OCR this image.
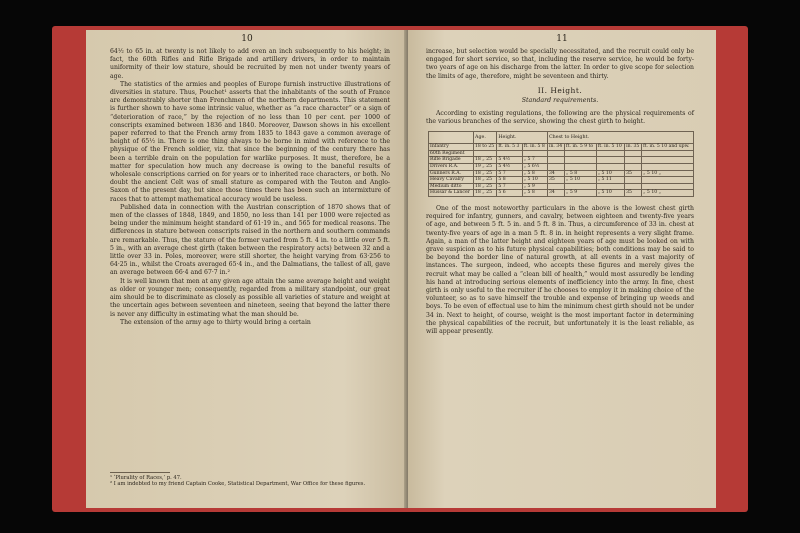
10

64½ to 65 in. at twenty is not likely to add even an inch subsequently to his height; in fact, the 60th Rifles and Rifle Brigade and artillery drivers, in order to maintain uniformity of their low stature, should be recruited by men not under twenty years of age.

The statistics of the armies and peoples of Europe furnish instructive illustrations of diversities in stature. Thus, Pouchet¹ asserts that the inhabitants of the south of France are demonstrably shorter than Frenchmen of the northern departments. This statement is further shown to have some intrinsic value, whether as “a race character” or a sign of “deterioration of race,” by the rejection of no less than 10 per cent. per 1000 of conscripts examined between 1836 and 1840. Moreover, Dawson shows in his excellent paper referred to that the French army from 1835 to 1843 gave a common average of height of 65½ in. There is one thing always to be borne in mind with reference to the physique of the French soldier, viz. that since the beginning of the century there has been a terrible drain on the population for warlike purposes. It must, therefore, be a matter for speculation how much any decrease is owing to the baneful results of wholesale conscriptions carried on for years or to inherited race characters, or both. No doubt the ancient Celt was of small stature as compared with the Teuton and Anglo-Saxon of the present day, but since those times there has been such an intermixture of races that to attempt mathematical accuracy would be useless.

Published data in connection with the Austrian conscription of 1870 shows that of men of the classes of 1848, 1849, and 1850, no less than 141 per 1000 were rejected as being under the minimum height standard of 61·19 in., and 565 for medical reasons. The differences in stature between conscripts raised in the northern and southern commands are remarkable. Thus, the stature of the former varied from 5 ft. 4 in. to a little over 5 ft. 5 in., with an average chest girth (taken between the respiratory acts) between 32 and a little over 33 in. Poles, moreover, were still shorter, the height varying from 63·256 to 64·25 in., whilst the Croats averaged 65·4 in., and the Dalmatians, the tallest of all, gave an average between 66·4 and 67·7 in.²

It is well known that men at any given age attain the same average height and weight as older or younger men; consequently, regarded from a military standpoint, our great aim should be to discriminate as closely as possible all varieties of stature and weight at the uncertain ages between seventeen and nineteen, seeing that beyond the latter there is never any difficulty in estimating what the man should be.

The extension of the army age to thirty would bring a certain

¹ ‘Plurality of Races,’ p. 47.
² I am indebted to my friend Captain Cooke, Statistical Department, War Office for these figures.
11

increase, but selection would be specially necessitated, and the recruit could only be engaged for short service, so that, including the reserve service, he would be forty-two years of age on his discharge from the latter. In order to give scope for selection the limits of age, therefore, might be seventeen and thirty.

II. Height.
Standard requirements.

According to existing regulations, the following are the physical requirements of the various branches of the service, showing the chest girth to height.

	Age.	Height.		Chest to Height.				
Infantry	18 to 25	ft. in. 5 3	ft. in. 5 8	in. 34	ft. in. 5 9 to	ft. in. 5 10	in. 35	ft. in. 5 10 and upw.
60th Regiment								
Rifle Brigade	18 „ 25	5 4½	„ 5 7					
Drivers R.A.	19 „ 25	5 4½	„ 5 6½					
Gunners R.A.	18 „ 25	5 7	„ 5 8	34	„ 5 8	„ 5 10	35	„ 5 10 „
Heavy Cavalry	18 „ 25	5 8	„ 5 10	35	„ 5 10	„ 5 11		
Medium ditto	18 „ 25	5 7	„ 5 9					
Hussar & Lancer	18 „ 25	5 6	„ 5 8	34	„ 5 9	„ 5 10	35	„ 5 10 „

One of the most noteworthy particulars in the above is the lowest chest girth required for infantry, gunners, and cavalry, between eighteen and twenty-five years of age, and between 5 ft. 5 in. and 5 ft. 8 in. Thus, a circumference of 33 in. chest at twenty-five years of age in a man 5 ft. 8 in. in height represents a very slight frame. Again, a man of the latter height and eighteen years of age must be looked on with grave suspicion as to his future physical capabilities; both conditions may be said to be beyond the border line of natural growth, at all events in a vast majority of instances. The surgeon, indeed, who accepts these figures and merely gives the recruit what may be called a “clean bill of health,” would most assuredly be lending his hand at introducing serious elements of inefficiency into the army. In fine, chest girth is only useful to the recruiter if he chooses to employ it in making choice of the volunteer, so as to save himself the trouble and expense of bringing up weeds and boys. To be even of effectual use to him the minimum chest girth should not be under 34 in. Next to height, of course, weight is the most important factor in determining the physical capabilities of the recruit, but unfortunately it is the least reliable, as will appear presently.
